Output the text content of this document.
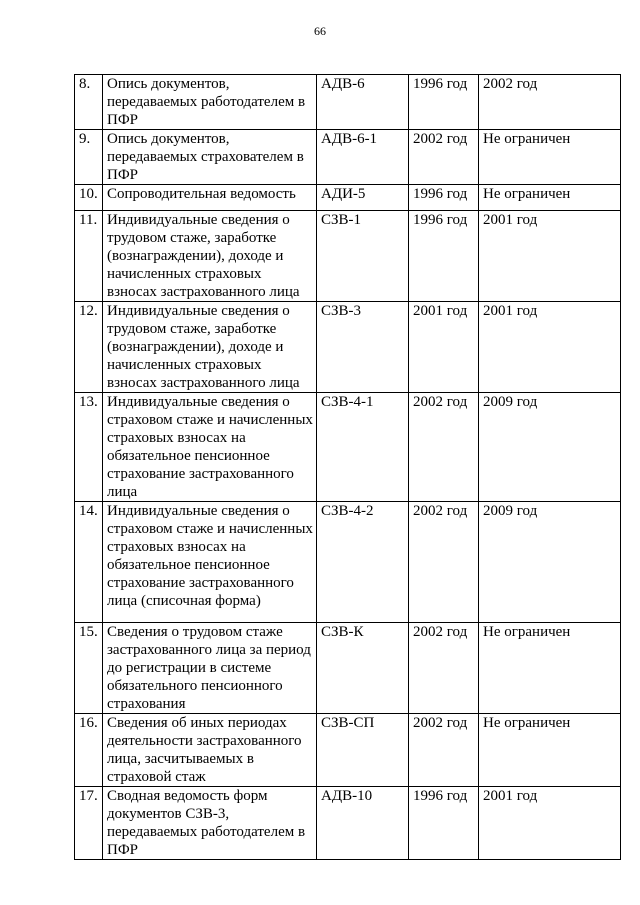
66
8.	Опись документов, передаваемых работодателем в ПФР	АДВ-6	1996 год	2002 год
9.	Опись документов, передаваемых страхователем в ПФР	АДВ-6-1	2002 год	Не ограничен
10.	Сопроводительная ведомость	АДИ-5	1996 год	Не ограничен
11.	Индивидуальные сведения о трудовом стаже, заработке (вознаграждении), доходе и начисленных страховых взносах застрахованного лица	СЗВ-1	1996 год	2001 год
12.	Индивидуальные сведения о трудовом стаже, заработке (вознаграждении), доходе и начисленных страховых взносах застрахованного лица	СЗВ-3	2001 год	2001 год
13.	Индивидуальные сведения о страховом стаже и начисленных страховых взносах на обязательное пенсионное страхование застрахованного лица	СЗВ-4-1	2002 год	2009 год
14.	Индивидуальные сведения о страховом стаже и начисленных страховых взносах на обязательное пенсионное страхование застрахованного лица (списочная форма)	СЗВ-4-2	2002 год	2009 год
15.	Сведения о трудовом стаже застрахованного лица за период до регистрации в системе обязательного пенсионного страхования	СЗВ-К	2002 год	Не ограничен
16.	Сведения об иных периодах деятельности застрахованного лица, засчитываемых в страховой стаж	СЗВ-СП	2002 год	Не ограничен
17.	Сводная ведомость форм документов СЗВ-3, передаваемых работодателем в ПФР	АДВ-10	1996 год	2001 год
